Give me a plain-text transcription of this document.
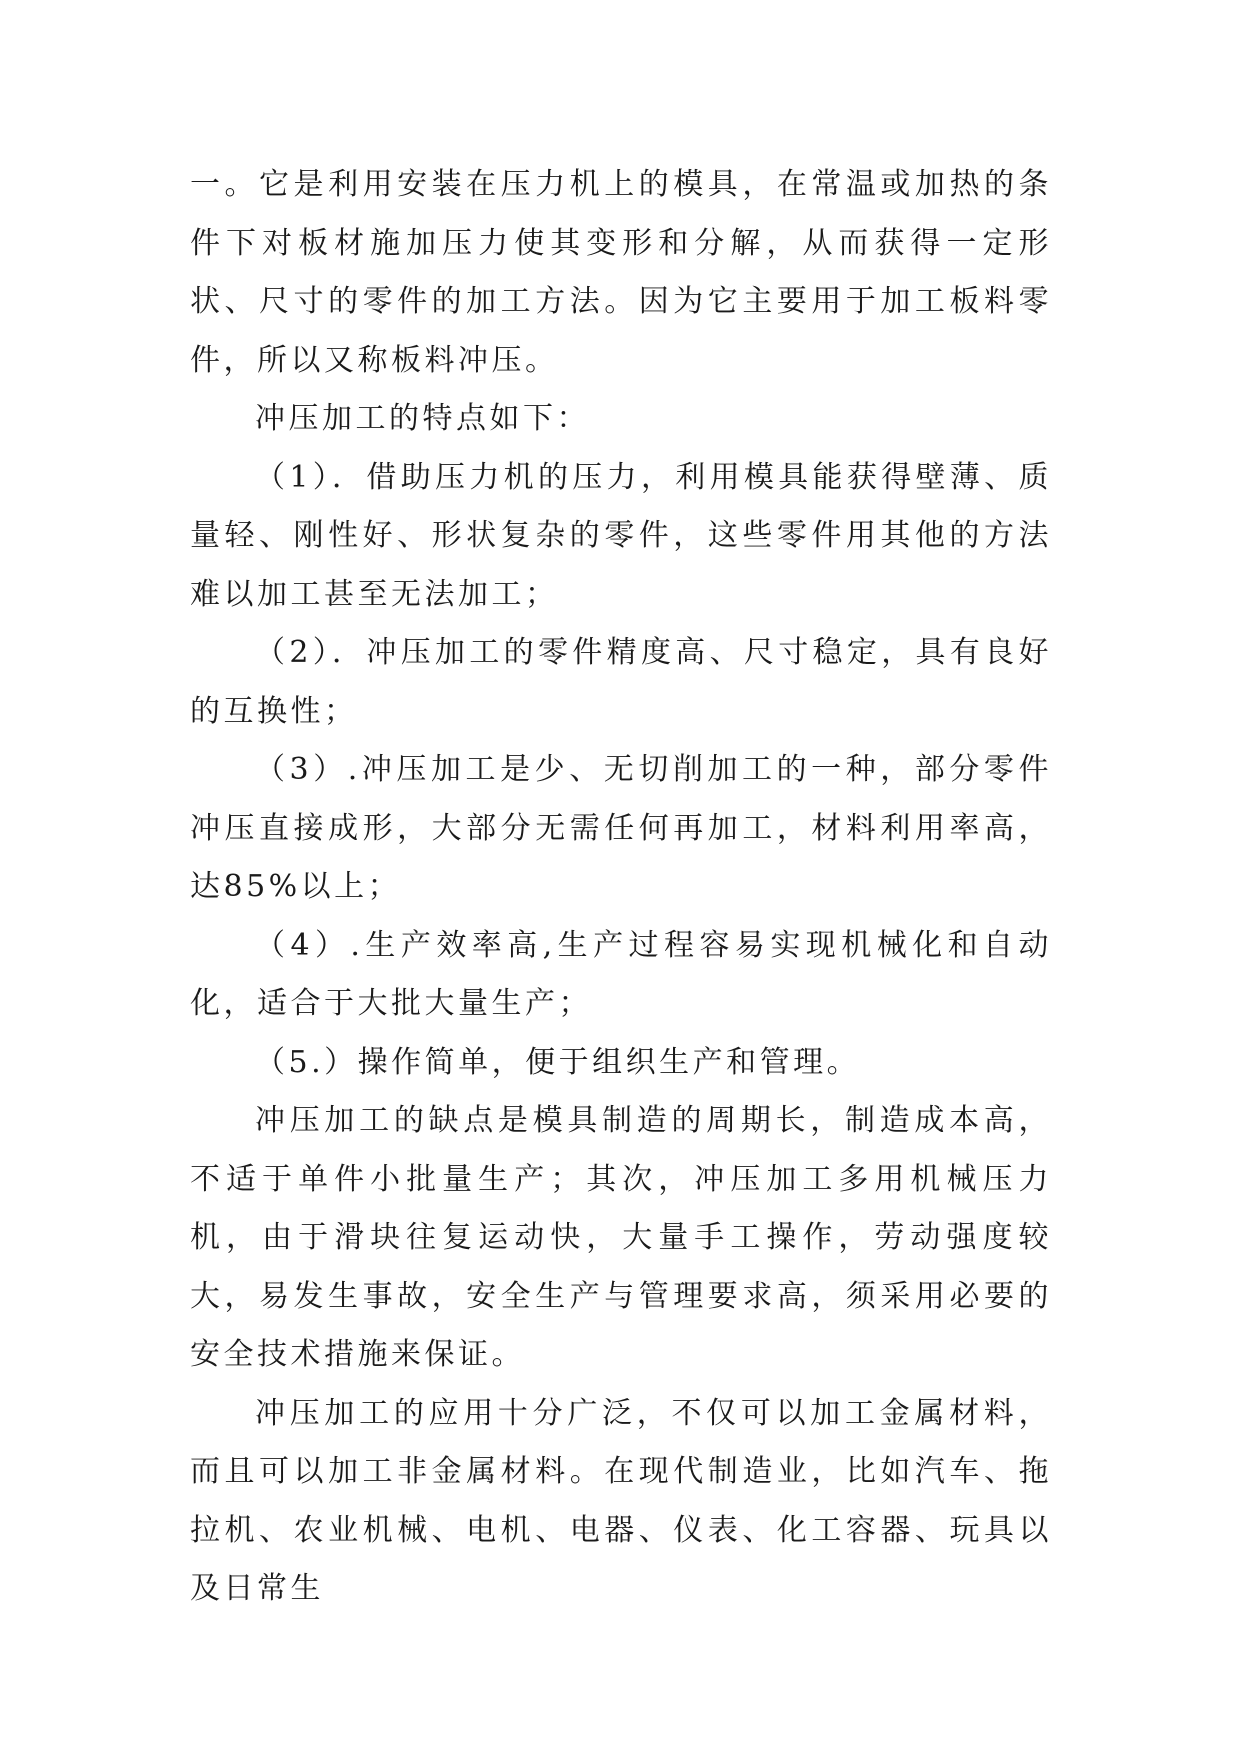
一。它是利用安装在压力机上的模具，在常温或加热的条件下对板材施加压力使其变形和分解，从而获得一定形状、尺寸的零件的加工方法。因为它主要用于加工板料零件，所以又称板料冲压。

冲压加工的特点如下：

（1）．借助压力机的压力，利用模具能获得壁薄、质量轻、刚性好、形状复杂的零件，这些零件用其他的方法难以加工甚至无法加工；

（2）．冲压加工的零件精度高、尺寸稳定，具有良好的互换性；

（3）.冲压加工是少、无切削加工的一种，部分零件冲压直接成形，大部分无需任何再加工，材料利用率高，达85%以上；

（4）.生产效率高,生产过程容易实现机械化和自动化，适合于大批大量生产；

（5.）操作简单，便于组织生产和管理。

冲压加工的缺点是模具制造的周期长，制造成本高，不适于单件小批量生产；其次，冲压加工多用机械压力机，由于滑块往复运动快，大量手工操作，劳动强度较大，易发生事故，安全生产与管理要求高，须采用必要的安全技术措施来保证。

冲压加工的应用十分广泛，不仅可以加工金属材料，而且可以加工非金属材料。在现代制造业，比如汽车、拖拉机、农业机械、电机、电器、仪表、化工容器、玩具以及日常生
